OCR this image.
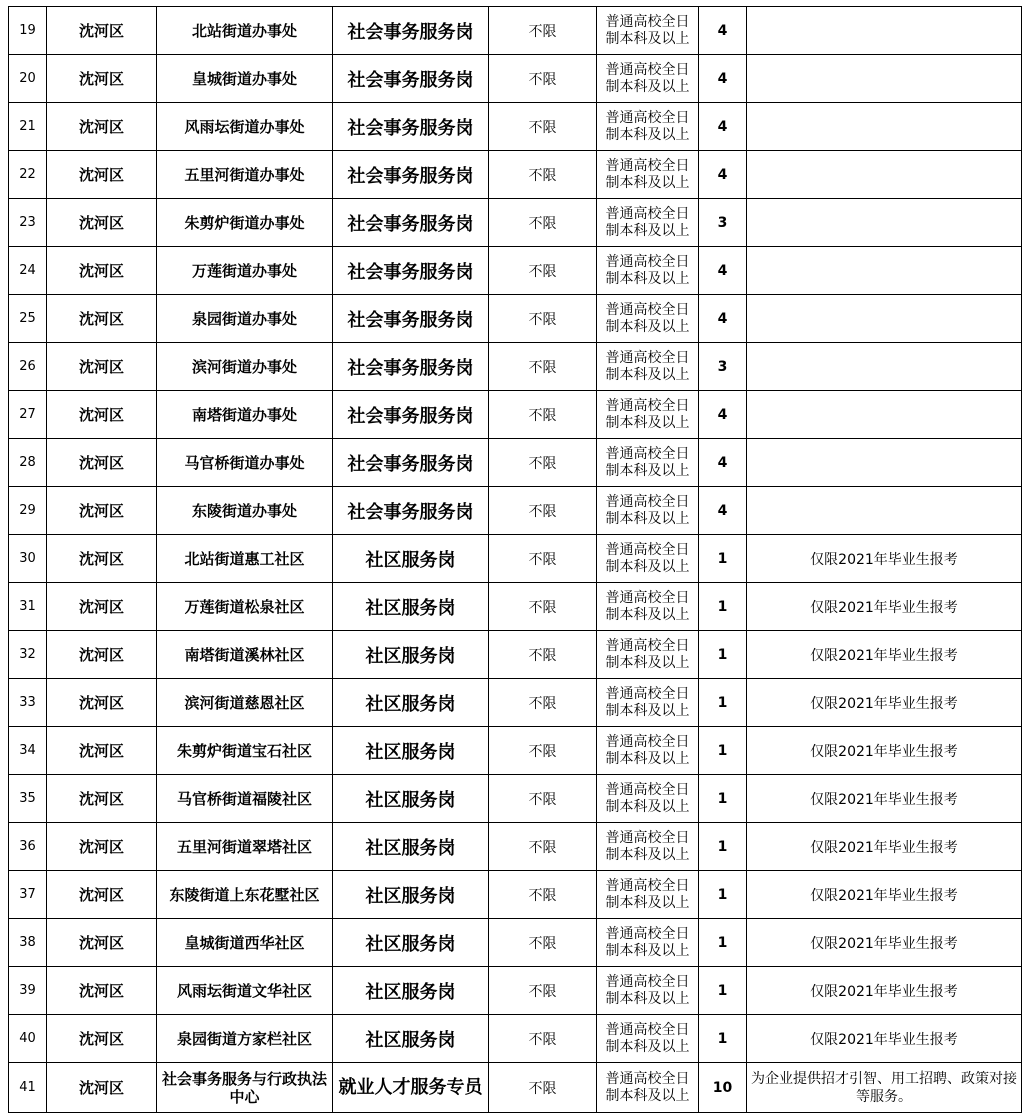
19	沈河区	北站街道办事处	社会事务服务岗	不限	普通高校全日
制本科及以上	4	
20	沈河区	皇城街道办事处	社会事务服务岗	不限	普通高校全日
制本科及以上	4	
21	沈河区	风雨坛街道办事处	社会事务服务岗	不限	普通高校全日
制本科及以上	4	
22	沈河区	五里河街道办事处	社会事务服务岗	不限	普通高校全日
制本科及以上	4	
23	沈河区	朱剪炉街道办事处	社会事务服务岗	不限	普通高校全日
制本科及以上	3	
24	沈河区	万莲街道办事处	社会事务服务岗	不限	普通高校全日
制本科及以上	4	
25	沈河区	泉园街道办事处	社会事务服务岗	不限	普通高校全日
制本科及以上	4	
26	沈河区	滨河街道办事处	社会事务服务岗	不限	普通高校全日
制本科及以上	3	
27	沈河区	南塔街道办事处	社会事务服务岗	不限	普通高校全日
制本科及以上	4	
28	沈河区	马官桥街道办事处	社会事务服务岗	不限	普通高校全日
制本科及以上	4	
29	沈河区	东陵街道办事处	社会事务服务岗	不限	普通高校全日
制本科及以上	4	
30	沈河区	北站街道惠工社区	社区服务岗	不限	普通高校全日
制本科及以上	1	仅限2021年毕业生报考
31	沈河区	万莲街道松泉社区	社区服务岗	不限	普通高校全日
制本科及以上	1	仅限2021年毕业生报考
32	沈河区	南塔街道溪林社区	社区服务岗	不限	普通高校全日
制本科及以上	1	仅限2021年毕业生报考
33	沈河区	滨河街道慈恩社区	社区服务岗	不限	普通高校全日
制本科及以上	1	仅限2021年毕业生报考
34	沈河区	朱剪炉街道宝石社区	社区服务岗	不限	普通高校全日
制本科及以上	1	仅限2021年毕业生报考
35	沈河区	马官桥街道福陵社区	社区服务岗	不限	普通高校全日
制本科及以上	1	仅限2021年毕业生报考
36	沈河区	五里河街道翠塔社区	社区服务岗	不限	普通高校全日
制本科及以上	1	仅限2021年毕业生报考
37	沈河区	东陵街道上东花墅社区	社区服务岗	不限	普通高校全日
制本科及以上	1	仅限2021年毕业生报考
38	沈河区	皇城街道西华社区	社区服务岗	不限	普通高校全日
制本科及以上	1	仅限2021年毕业生报考
39	沈河区	风雨坛街道文华社区	社区服务岗	不限	普通高校全日
制本科及以上	1	仅限2021年毕业生报考
40	沈河区	泉园街道方家栏社区	社区服务岗	不限	普通高校全日
制本科及以上	1	仅限2021年毕业生报考
41	沈河区	社会事务服务与行政执法中心	就业人才服务专员	不限	普通高校全日
制本科及以上	10	为企业提供招才引智、用工招聘、政策对接等服务。
